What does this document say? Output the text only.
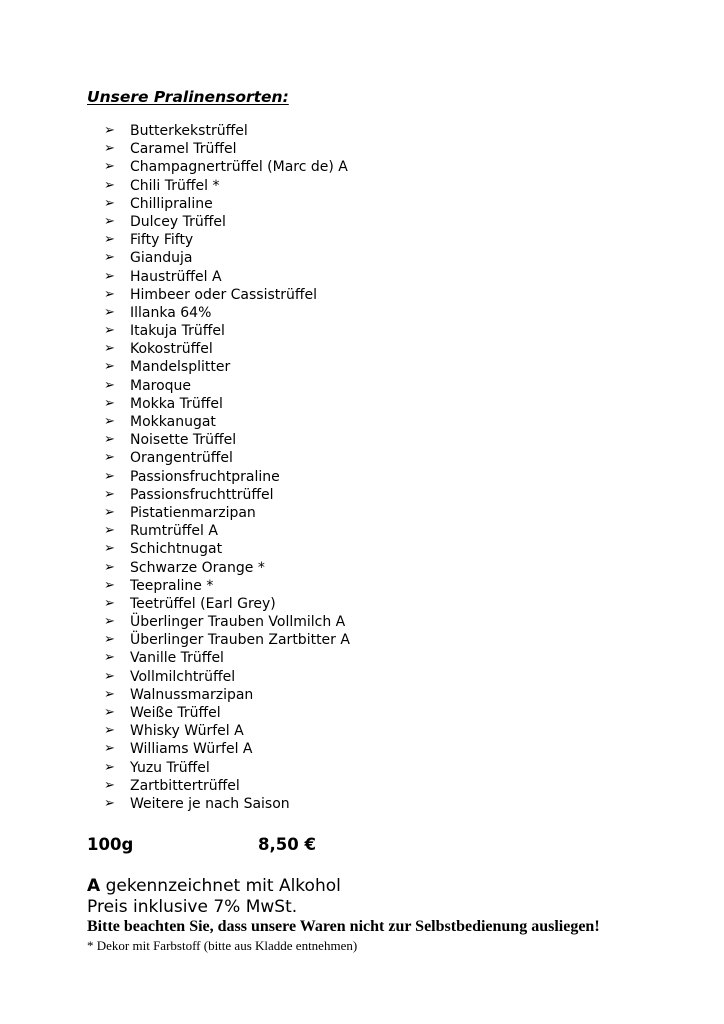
Unsere Pralinensorten:
➢ Butterkekstrüffel
➢ Caramel Trüffel
➢ Champagnertrüffel (Marc de) A
➢ Chili Trüffel *
➢ Chillipraline
➢ Dulcey Trüffel
➢ Fifty Fifty
➢ Gianduja
➢ Haustrüffel A
➢ Himbeer oder Cassistrüffel
➢ Illanka 64%
➢ Itakuja Trüffel
➢ Kokostrüffel
➢ Mandelsplitter
➢ Maroque
➢ Mokka Trüffel
➢ Mokkanugat
➢ Noisette Trüffel
➢ Orangentrüffel
➢ Passionsfruchtpraline
➢ Passionsfruchttrüffel
➢ Pistatienmarzipan
➢ Rumtrüffel A
➢ Schichtnugat
➢ Schwarze Orange *
➢ Teepraline *
➢ Teetrüffel (Earl Grey)
➢ Überlinger Trauben Vollmilch A
➢ Überlinger Trauben Zartbitter A
➢ Vanille Trüffel
➢ Vollmilchtrüffel
➢ Walnussmarzipan
➢ Weiße Trüffel
➢ Whisky Würfel A
➢ Williams Würfel A
➢ Yuzu Trüffel
➢ Zartbittertrüffel
➢ Weitere je nach Saison
100g	8,50 €
A gekennzeichnet mit Alkohol
Preis inklusive 7% MwSt.
Bitte beachten Sie, dass unsere Waren nicht zur Selbstbedienung ausliegen!
* Dekor mit Farbstoff (bitte aus Kladde entnehmen)
